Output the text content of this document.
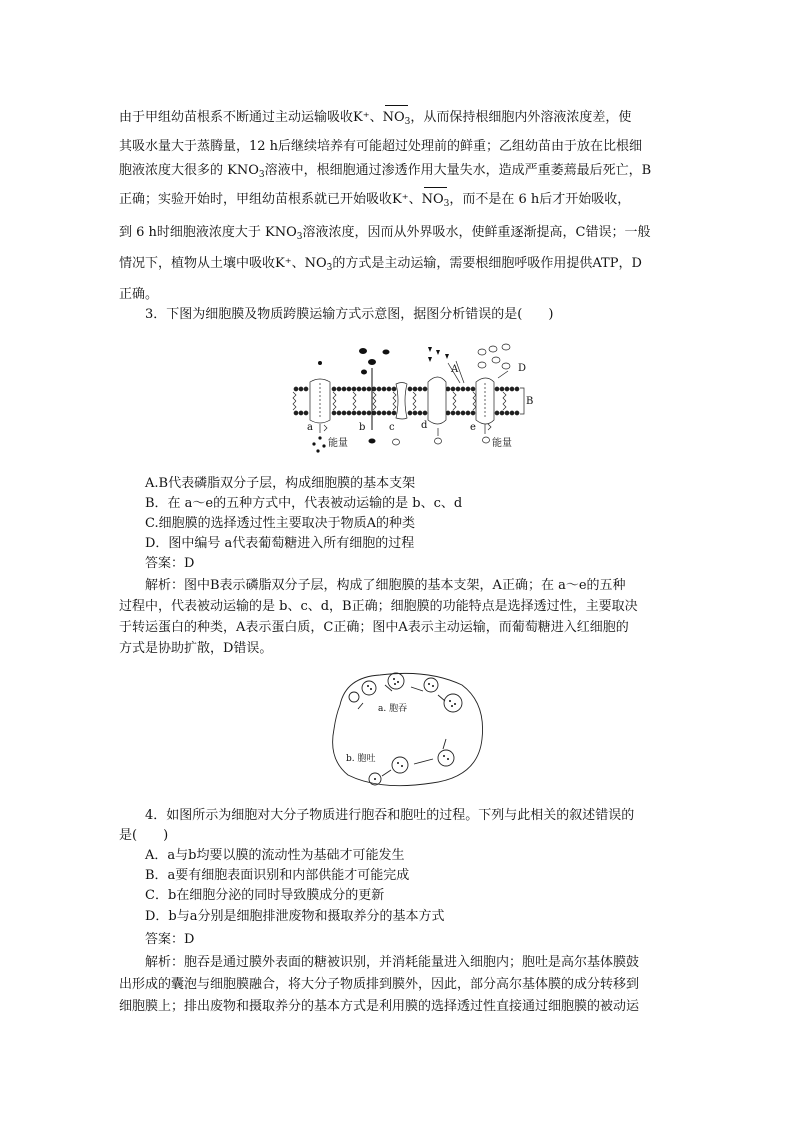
由于甲组幼苗根系不断通过主动运输吸收K⁺、$NO_3$，从而保持根细胞内外溶液浓度差，使
其吸水量大于蒸腾量，12 h后继续培养有可能超过处理前的鲜重；乙组幼苗由于放在比根细
胞液浓度大很多的 $KNO_3$溶液中，根细胞通过渗透作用大量失水，造成严重萎蔫最后死亡，B
正确；实验开始时，甲组幼苗根系就已开始吸收K⁺、$NO_3$，而不是在 6 h后才开始吸收，
到 6 h时细胞液浓度大于 $KNO_3$溶液浓度，因而从外界吸水，使鲜重逐渐提高，C错误；一般
情况下，植物从土壤中吸收K⁺、$NO_3$的方式是主动运输，需要根细胞呼吸作用提供ATP，D
正确。
3．下图为细胞膜及物质跨膜运输方式示意图，据图分析错误的是(　　)
a	b c	d	e
A
B
D
能量	能量
A.B代表磷脂双分子层，构成细胞膜的基本支架
B．在 a～e的五种方式中，代表被动运输的是 b、c、d
C.细胞膜的选择透过性主要取决于物质A的种类
D．图中编号 a代表葡萄糖进入所有细胞的过程
答案：D
解析：图中B表示磷脂双分子层，构成了细胞膜的基本支架，A正确；在 a～e的五种
过程中，代表被动运输的是 b、c、d，B正确；细胞膜的功能特点是选择透过性，主要取决
于转运蛋白的种类，A表示蛋白质，C正确；图中A表示主动运输，而葡萄糖进入红细胞的
方式是协助扩散，D错误。
a. 胞吞
b. 胞吐
4．如图所示为细胞对大分子物质进行胞吞和胞吐的过程。下列与此相关的叙述错误的
是(　　)
A．a与b均要以膜的流动性为基础才可能发生
B．a要有细胞表面识别和内部供能才可能完成
C．b在细胞分泌的同时导致膜成分的更新
D．b与a分别是细胞排泄废物和摄取养分的基本方式
答案：D
解析：胞吞是通过膜外表面的糖被识别，并消耗能量进入细胞内；胞吐是高尔基体膜鼓
出形成的囊泡与细胞膜融合，将大分子物质排到膜外，因此，部分高尔基体膜的成分转移到
细胞膜上；排出废物和摄取养分的基本方式是利用膜的选择透过性直接通过细胞膜的被动运
